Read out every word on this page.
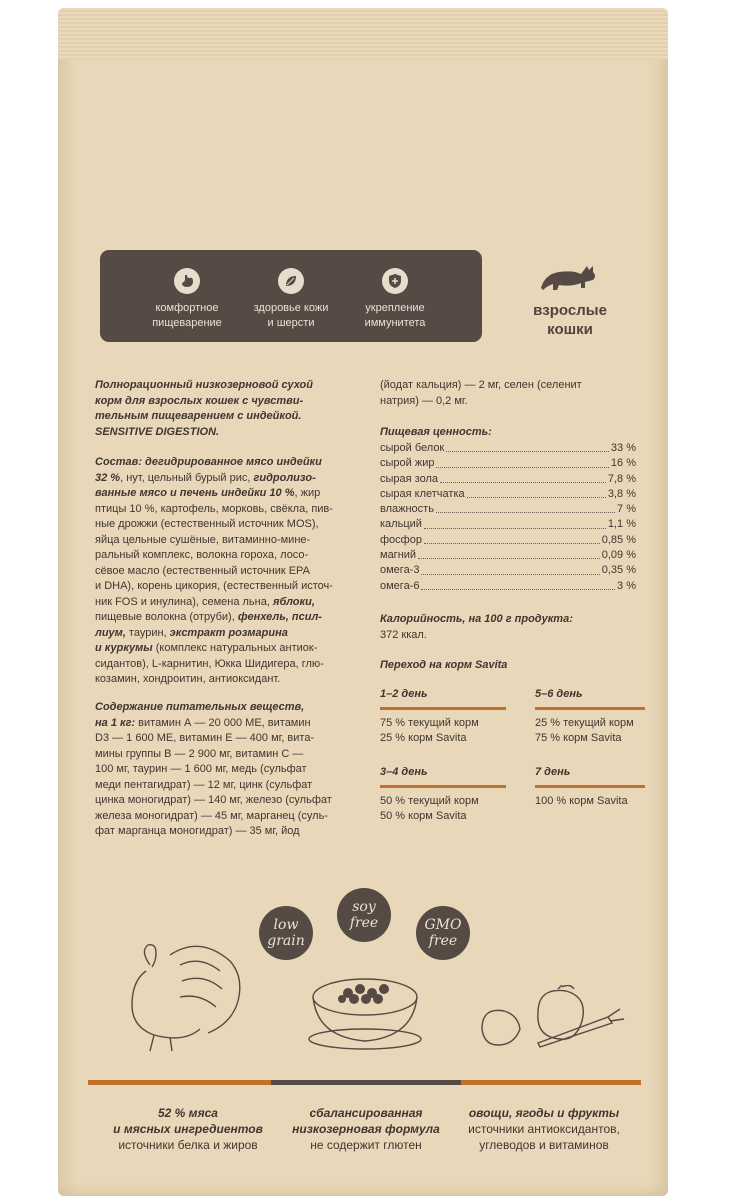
комфортное
пищеварение
здоровье кожи
и шерсти
укрепление
иммунитета
взрослые
кошки
Полнорационный низкозерновой сухой
корм для взрослых кошек с чувстви-
тельным пищеварением с индейкой.
SENSITIVE DIGESTION.
Состав: дегидрированное мясо индейки
32 %, нут, цельный бурый рис, гидролизо-
ванные мясо и печень индейки 10 %, жир
птицы 10 %, картофель, морковь, свёкла, пив-
ные дрожжи (естественный источник MOS),
яйца цельные сушёные, витаминно-мине-
ральный комплекс, волокна гороха, лосо-
сёвое масло (естественный источник EPA
и DHA), корень цикория, (естественный источ-
ник FOS и инулина), семена льна, яблоки,
пищевые волокна (отруби), фенхель, псил-
лиум, таурин, экстракт розмарина
и куркумы (комплекс натуральных антиок-
сидантов), L-карнитин, Юкка Шидигера, глю-
козамин, хондроитин, антиоксидант.
Содержание питательных веществ,
на 1 кг: витамин А — 20 000 МЕ, витамин
D3 — 1 600 МЕ, витамин Е — 400 мг, вита-
мины группы В — 2 900 мг, витамин С —
100 мг, таурин — 1 600 мг, медь (сульфат
меди пентагидрат) — 12 мг, цинк (сульфат
цинка моногидрат) — 140 мг, железо (сульфат
железа моногидрат) — 45 мг, марганец (суль-
фат марганца моногидрат) — 35 мг, йод
(йодат кальция) — 2 мг, селен (селенит
натрия) — 0,2 мг.
Пищевая ценность:
сырой белок	33 %
сырой жир	16 %
сырая зола	7,8 %
сырая клетчатка	3,8 %
влажность	7 %
кальций	1,1 %
фосфор	0,85 %
магний	0,09 %
омега-3	0,35 %
омега-6	3 %
Калорийность, на 100 г продукта:
372 ккал.
Переход на корм Savita
1–2 день
75 % текущий корм
25 % корм Savita
5–6 день
25 % текущий корм
75 % корм Savita
3–4 день
50 % текущий корм
50 % корм Savita
7 день
100 % корм Savita
low
grain
soy
free	GMO
free
52 % мяса
и мясных ингредиентов
источники белка и жиров
сбалансированная
низкозерновая формула
не содержит глютен
овощи, ягоды и фрукты
источники антиоксидантов,
углеводов и витаминов
